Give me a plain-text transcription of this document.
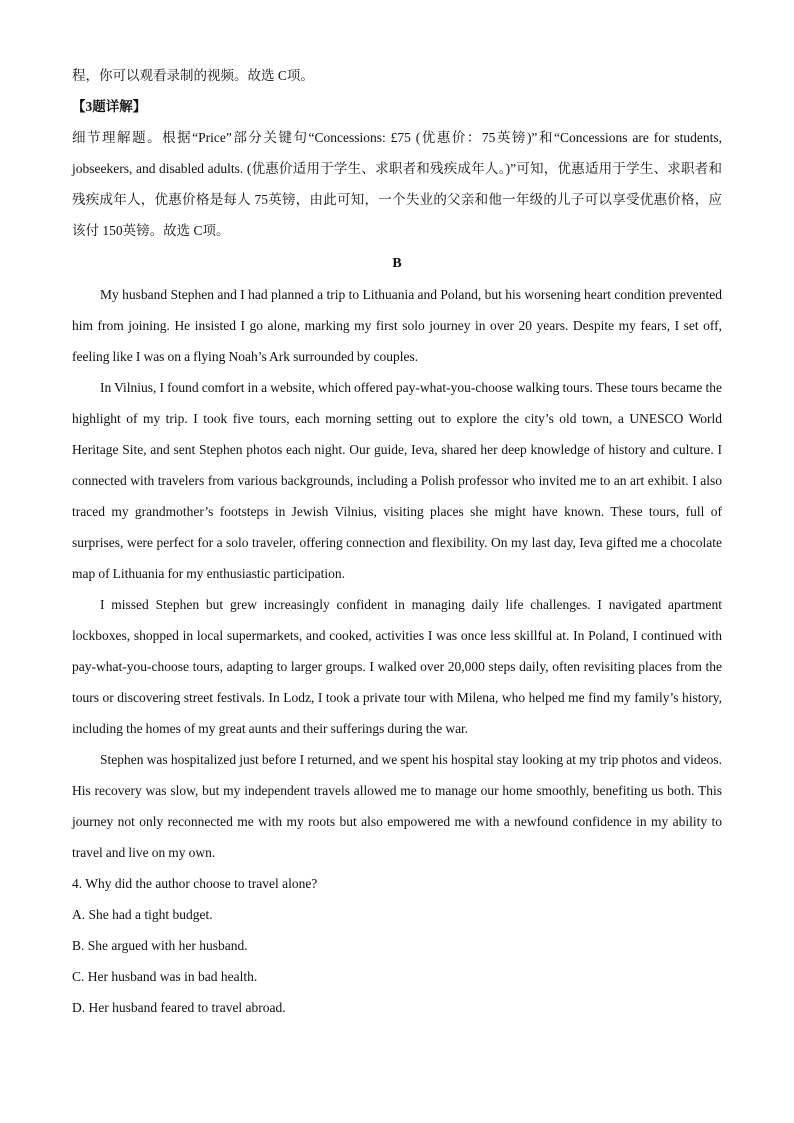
程，你可以观看录制的视频。故选 C项。

【3题详解】

细节理解题。根据“Price”部分关键句“Concessions: £75 (优惠价：75英镑)”和“Concessions are for students, jobseekers, and disabled adults. (优惠价适用于学生、求职者和残疾成年人。)”可知，优惠适用于学生、求职者和残疾成年人，优惠价格是每人 75英镑，由此可知，一个失业的父亲和他一年级的儿子可以享受优惠价格，应该付 150英镑。故选 C项。

B

My husband Stephen and I had planned a trip to Lithuania and Poland, but his worsening heart condition prevented him from joining. He insisted I go alone, marking my first solo journey in over 20 years. Despite my fears, I set off, feeling like I was on a flying Noah’s Ark surrounded by couples.

In Vilnius, I found comfort in a website, which offered pay-what-you-choose walking tours. These tours became the highlight of my trip. I took five tours, each morning setting out to explore the city’s old town, a UNESCO World Heritage Site, and sent Stephen photos each night. Our guide, Ieva, shared her deep knowledge of history and culture. I connected with travelers from various backgrounds, including a Polish professor who invited me to an art exhibit. I also traced my grandmother’s footsteps in Jewish Vilnius, visiting places she might have known. These tours, full of surprises, were perfect for a solo traveler, offering connection and flexibility. On my last day, Ieva gifted me a chocolate map of Lithuania for my enthusiastic participation.

I missed Stephen but grew increasingly confident in managing daily life challenges. I navigated apartment lockboxes, shopped in local supermarkets, and cooked, activities I was once less skillful at. In Poland, I continued with pay-what-you-choose tours, adapting to larger groups. I walked over 20,000 steps daily, often revisiting places from the tours or discovering street festivals. In Lodz, I took a private tour with Milena, who helped me find my family’s history, including the homes of my great aunts and their sufferings during the war.

Stephen was hospitalized just before I returned, and we spent his hospital stay looking at my trip photos and videos. His recovery was slow, but my independent travels allowed me to manage our home smoothly, benefiting us both. This journey not only reconnected me with my roots but also empowered me with a newfound confidence in my ability to travel and live on my own.

4. Why did the author choose to travel alone?

A. She had a tight budget.

B. She argued with her husband.

C. Her husband was in bad health.

D. Her husband feared to travel abroad.
